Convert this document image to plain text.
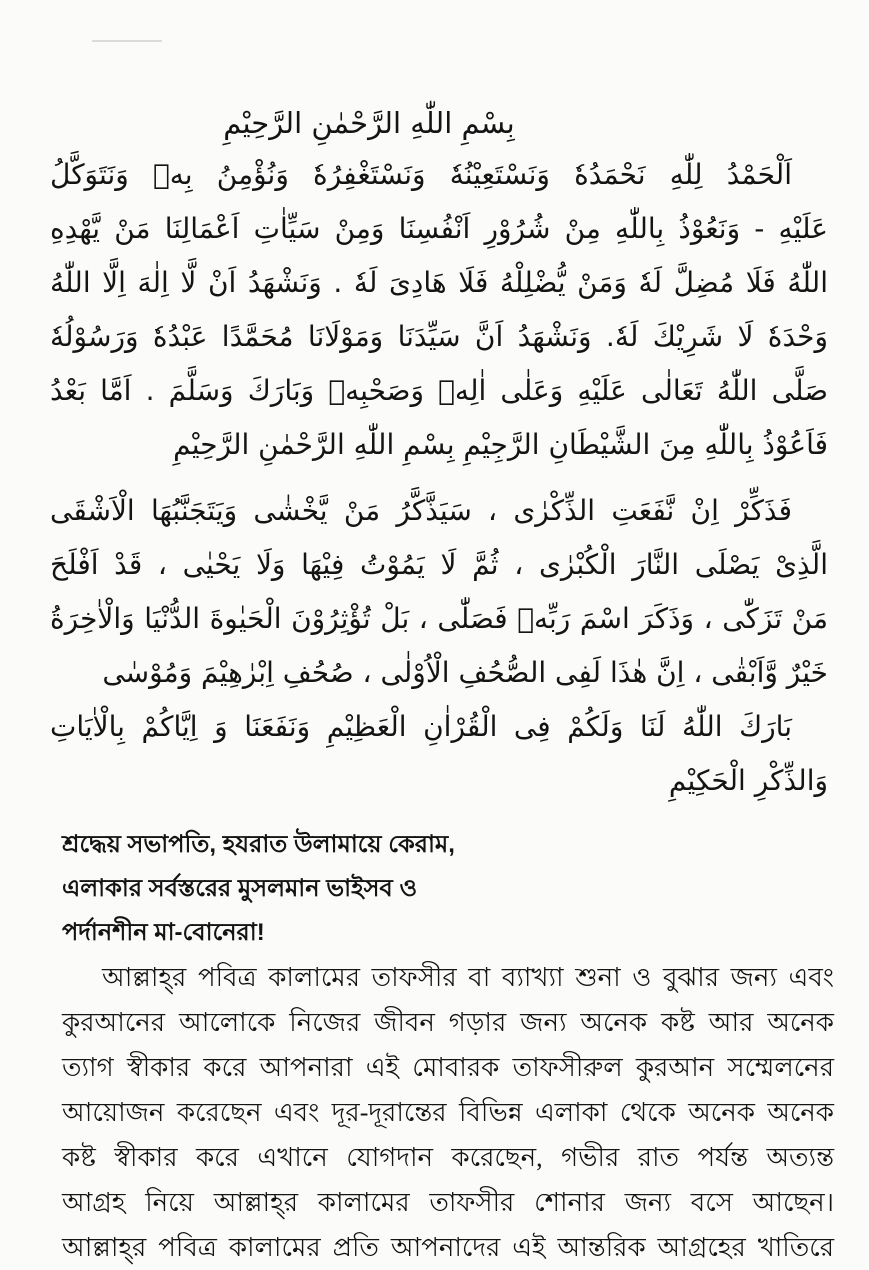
بِسْمِ اللّٰهِ الرَّحْمٰنِ الرَّحِيْمِ
اَلْحَمْدُ لِلّٰهِ نَحْمَدُهٗ وَنَسْتَعِيْنُهٗ وَنَسْتَغْفِرُهٗ وَنُؤْمِنُ بِهٖ وَنَتَوَكَّلُ
عَلَيْهِ - وَنَعُوْذُ بِاللّٰهِ مِنْ شُرُوْرِ اَنْفُسِنَا وَمِنْ سَيِّاٰتِ اَعْمَالِنَا مَنْ يَّهْدِهِ
اللّٰهُ فَلَا مُضِلَّ لَهٗ وَمَنْ يُّضْلِلْهُ فَلَا هَادِىَ لَهٗ . وَنَشْهَدُ اَنْ لَّا اِلٰهَ اِلَّا اللّٰهُ
وَحْدَهٗ لَا شَرِيْكَ لَهٗ. وَنَشْهَدُ اَنَّ سَيِّدَنَا وَمَوْلَانَا مُحَمَّدًا عَبْدُهٗ وَرَسُوْلُهٗ
صَلَّى اللّٰهُ تَعَالٰى عَلَيْهِ وَعَلٰى اٰلِهٖ وَصَحْبِهٖ وَبَارَكَ وَسَلَّمَ . اَمَّا بَعْدُ
فَاَعُوْذُ بِاللّٰهِ مِنَ الشَّيْطَانِ الرَّجِيْمِ بِسْمِ اللّٰهِ الرَّحْمٰنِ الرَّحِيْمِ
فَذَكِّرْ اِنْ نَّفَعَتِ الذِّكْرٰى ، سَيَذَّكَّرُ مَنْ يَّخْشٰى وَيَتَجَنَّبُهَا الْاَشْقَى
الَّذِىْ يَصْلَى النَّارَ الْكُبْرٰى ، ثُمَّ لَا يَمُوْتُ فِيْهَا وَلَا يَحْيٰى ، قَدْ اَفْلَحَ
مَنْ تَزَكّٰى ، وَذَكَرَ اسْمَ رَبِّهٖ فَصَلّٰى ، بَلْ تُؤْثِرُوْنَ الْحَيٰوةَ الدُّنْيَا وَالْاٰخِرَةُ
خَيْرٌ وَّاَبْقٰى ، اِنَّ هٰذَا لَفِى الصُّحُفِ الْاُوْلٰى ، صُحُفِ اِبْرٰهِيْمَ وَمُوْسٰى
بَارَكَ اللّٰهُ لَنَا وَلَكُمْ فِى الْقُرْاٰنِ الْعَظِيْمِ وَنَفَعَنَا وَ اِيَّاكُمْ بِالْاٰيَاتِ
وَالذِّكْرِ الْحَكِيْمِ
শ্রদ্ধেয় সভাপতি, হযরাত উলামায়ে কেরাম,
এলাকার সর্বস্তরের মুসলমান ভাইসব ও
পর্দানশীন মা-বোনেরা!
আল্লাহ্‌র পবিত্র কালামের তাফসীর বা ব্যাখ্যা শুনা ও বুঝার জন্য এবং
কুরআনের আলোকে নিজের জীবন গড়ার জন্য অনেক কষ্ট আর অনেক
ত্যাগ স্বীকার করে আপনারা এই মোবারক তাফসীরুল কুরআন সম্মেলনের
আয়োজন করেছেন এবং দূর-দূরান্তের বিভিন্ন এলাকা থেকে অনেক অনেক
কষ্ট স্বীকার করে এখানে যোগদান করেছেন, গভীর রাত পর্যন্ত অত্যন্ত
আগ্রহ নিয়ে আল্লাহ্‌র কালামের তাফসীর শোনার জন্য বসে আছেন।
আল্লাহ্‌র পবিত্র কালামের প্রতি আপনাদের এই আন্তরিক আগ্রহের খাতিরে
